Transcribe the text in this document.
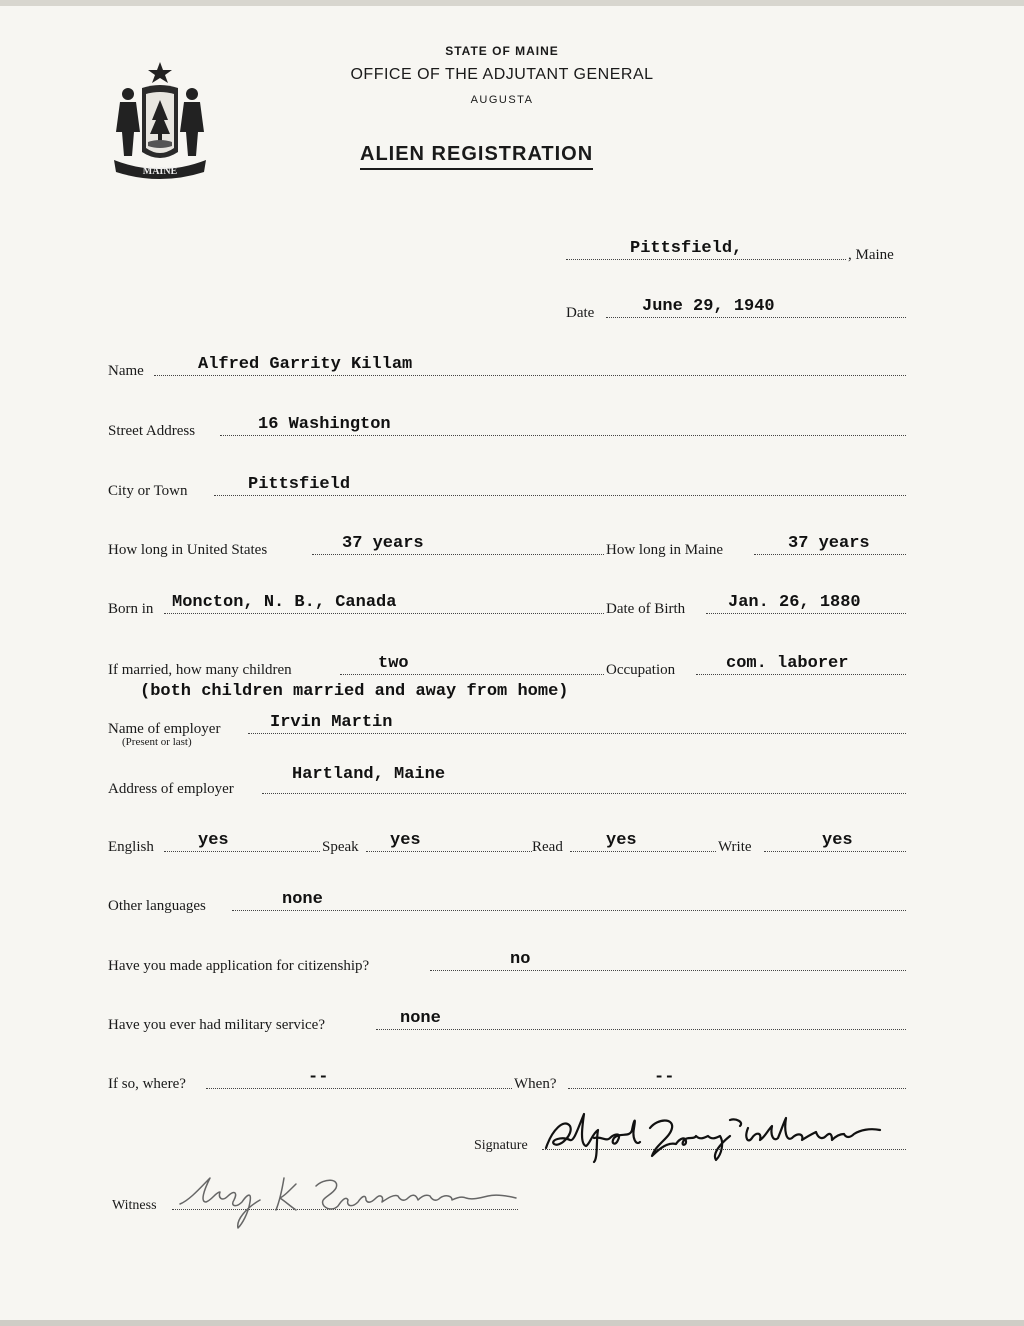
MAINE
STATE OF MAINE
OFFICE OF THE ADJUTANT GENERAL
AUGUSTA
ALIEN REGISTRATION
Pittsfield,	, Maine
Date	June 29, 1940
Name	Alfred Garrity Killam
Street Address	16 Washington
City or Town	Pittsfield
How long in United States	37 years	How long in Maine	37 years
Born in Moncton, N. B., Canada	Date of Birth	Jan. 26, 1880
If married, how many children	two	Occupation	com. laborer
(both children married and away from home)
Name of employer	Irvin Martin
(Present or last)
Address of employer
Hartland, Maine
English	yes	Speak yes	Read	yes	Write	yes
Other languages	none
Have you made application for citizenship?	no
Have you ever had military service?	none
If so, where?	--	When?	--
Signature
Witness
